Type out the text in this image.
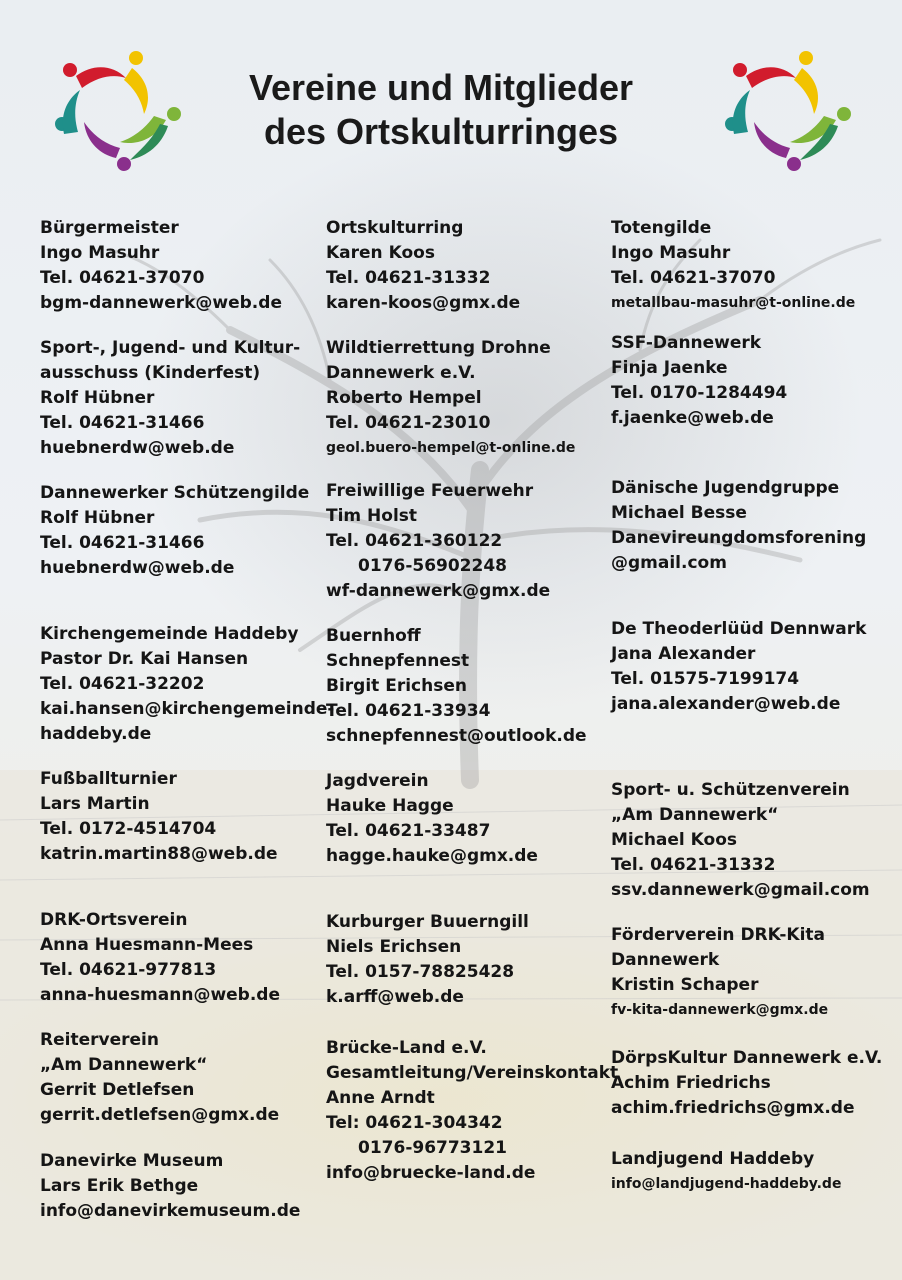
Vereine und Mitglieder
des Ortskulturringes
Bürgermeister
Ingo Masuhr
Tel. 04621-37070
bgm-dannewerk@web.de
Sport-, Jugend- und Kultur-
ausschuss (Kinderfest)
Rolf Hübner
Tel. 04621-31466
huebnerdw@web.de
Dannewerker Schützengilde
Rolf Hübner
Tel. 04621-31466
huebnerdw@web.de
Kirchengemeinde Haddeby
Pastor Dr. Kai Hansen
Tel. 04621-32202
kai.hansen@kirchengemeinde-
haddeby.de
Fußballturnier
Lars Martin
Tel. 0172-4514704
katrin.martin88@web.de
DRK-Ortsverein
Anna Huesmann-Mees
Tel. 04621-977813
anna-huesmann@web.de
Reiterverein
„Am Dannewerk“
Gerrit Detlefsen
gerrit.detlefsen@gmx.de
Danevirke Museum
Lars Erik Bethge
info@danevirkemuseum.de
Ortskulturring
Karen Koos
Tel. 04621-31332
karen-koos@gmx.de
Wildtierrettung Drohne
Dannewerk e.V.
Roberto Hempel
Tel. 04621-23010
geol.buero-hempel@t-online.de
Freiwillige Feuerwehr
Tim Holst
Tel. 04621-360122
0176-56902248
wf-dannewerk@gmx.de
Buernhoff
Schnepfennest
Birgit Erichsen
Tel. 04621-33934
schnepfennest@outlook.de
Jagdverein
Hauke Hagge
Tel. 04621-33487
hagge.hauke@gmx.de
Kurburger Buuerngill
Niels Erichsen
Tel. 0157-78825428
k.arff@web.de
Brücke-Land e.V.
Gesamtleitung/Vereinskontakt
Anne Arndt
Tel: 04621-304342
0176-96773121
info@bruecke-land.de
Totengilde
Ingo Masuhr
Tel. 04621-37070
metallbau-masuhr@t-online.de
SSF-Dannewerk
Finja Jaenke
Tel. 0170-1284494
f.jaenke@web.de
Dänische Jugendgruppe
Michael Besse
Danevireungdomsforening
@gmail.com
De Theoderlüüd Dennwark
Jana Alexander
Tel. 01575-7199174
jana.alexander@web.de
Sport- u. Schützenverein
„Am Dannewerk“
Michael Koos
Tel. 04621-31332
ssv.dannewerk@gmail.com
Förderverein DRK-Kita
Dannewerk
Kristin Schaper
fv-kita-dannewerk@gmx.de
DörpsKultur Dannewerk e.V.
Achim Friedrichs
achim.friedrichs@gmx.de
Landjugend Haddeby
info@landjugend-haddeby.de
